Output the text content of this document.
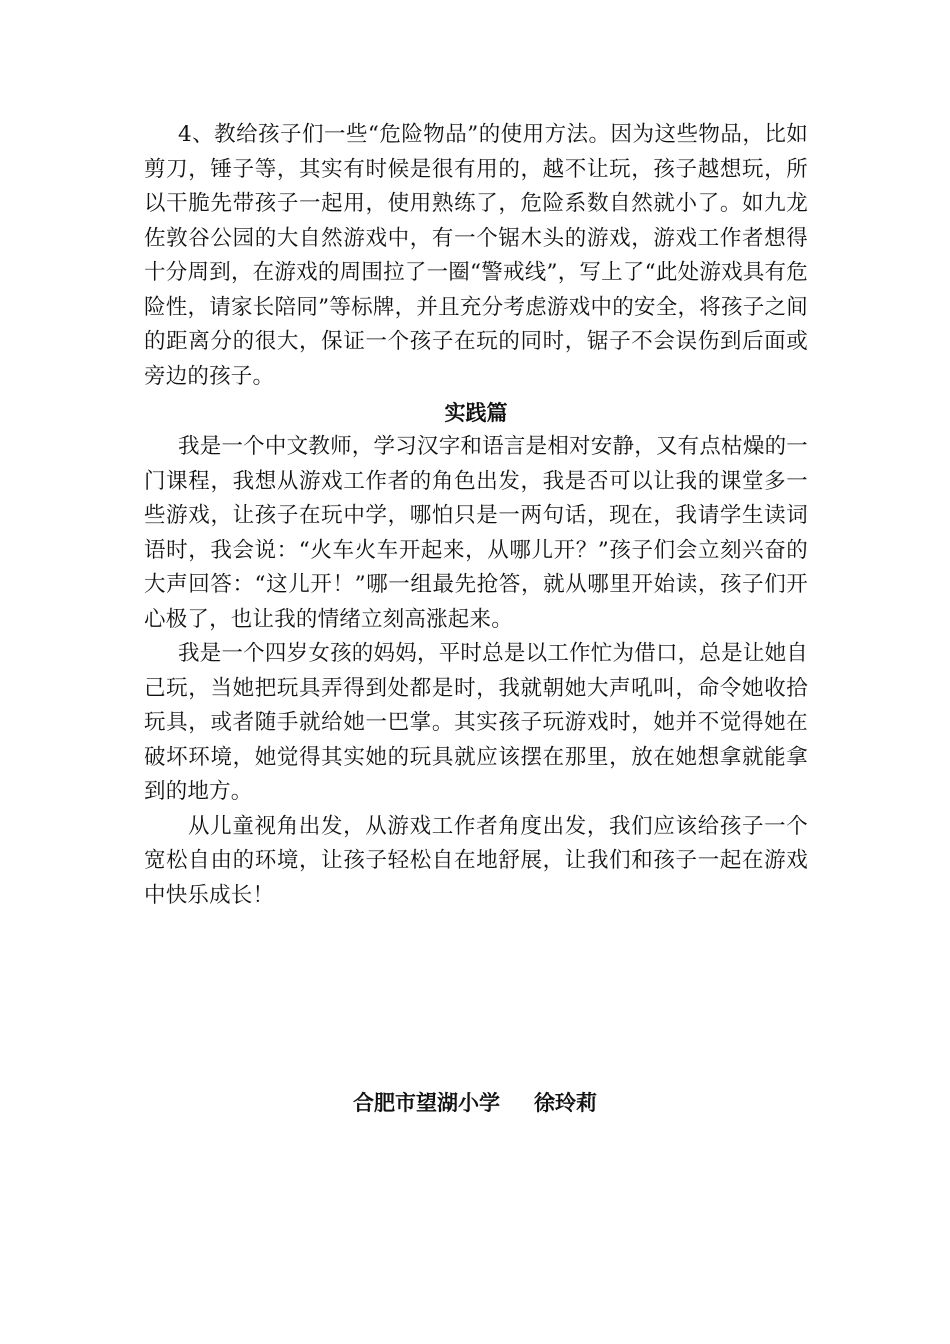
4、教给孩子们一些“危险物品”的使用方法。因为这些物品，比如剪刀，锤子等，其实有时候是很有用的，越不让玩，孩子越想玩，所以干脆先带孩子一起用，使用熟练了，危险系数自然就小了。如九龙佐敦谷公园的大自然游戏中，有一个锯木头的游戏，游戏工作者想得十分周到，在游戏的周围拉了一圈“警戒线”，写上了“此处游戏具有危险性，请家长陪同”等标牌，并且充分考虑游戏中的安全，将孩子之间的距离分的很大，保证一个孩子在玩的同时，锯子不会误伤到后面或旁边的孩子。

实践篇

我是一个中文教师，学习汉字和语言是相对安静，又有点枯燥的一门课程，我想从游戏工作者的角色出发，我是否可以让我的课堂多一些游戏，让孩子在玩中学，哪怕只是一两句话，现在，我请学生读词语时，我会说：“火车火车开起来，从哪儿开？”孩子们会立刻兴奋的大声回答：“这儿开！”哪一组最先抢答，就从哪里开始读，孩子们开心极了，也让我的情绪立刻高涨起来。

我是一个四岁女孩的妈妈，平时总是以工作忙为借口，总是让她自己玩，当她把玩具弄得到处都是时，我就朝她大声吼叫，命令她收拾玩具，或者随手就给她一巴掌。其实孩子玩游戏时，她并不觉得她在破坏环境，她觉得其实她的玩具就应该摆在那里，放在她想拿就能拿到的地方。

从儿童视角出发，从游戏工作者角度出发，我们应该给孩子一个宽松自由的环境，让孩子轻松自在地舒展，让我们和孩子一起在游戏中快乐成长！

合肥市望湖小学 徐玲莉
